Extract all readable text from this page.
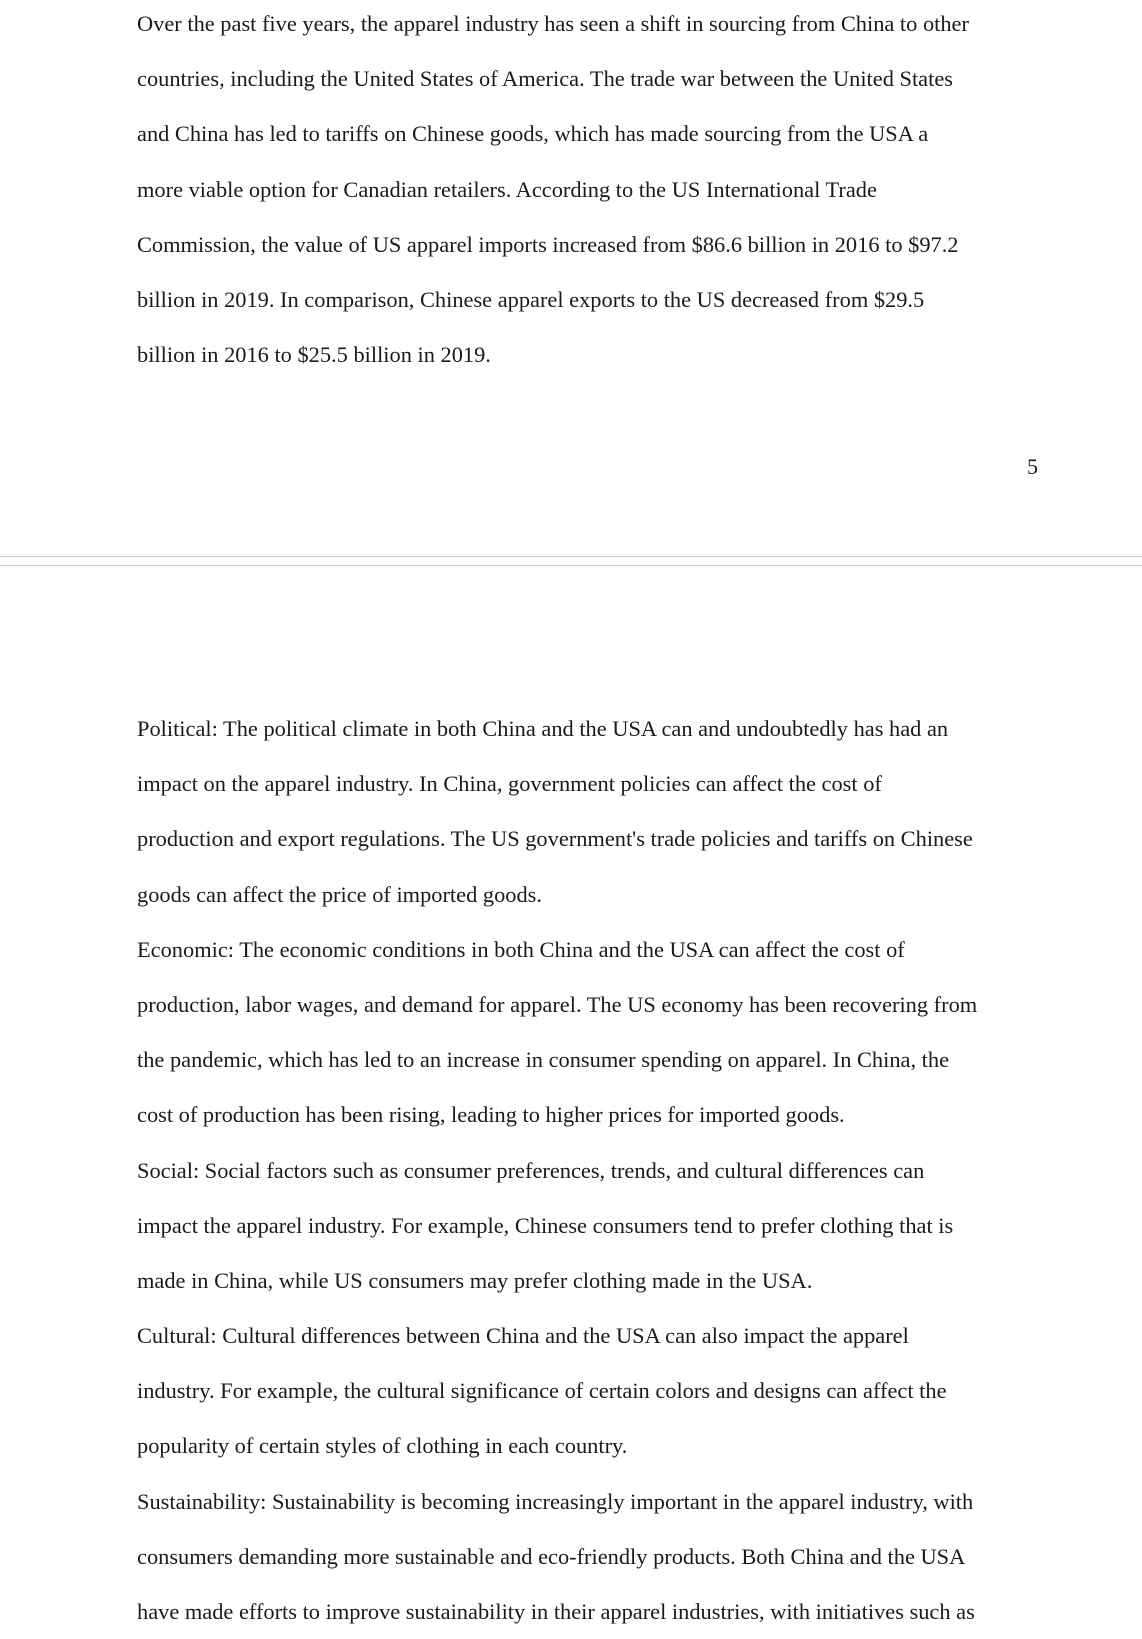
Over the past five years, the apparel industry has seen a shift in sourcing from China to other
countries, including the United States of America. The trade war between the United States
and China has led to tariffs on Chinese goods, which has made sourcing from the USA a
more viable option for Canadian retailers. According to the US International Trade
Commission, the value of US apparel imports increased from $86.6 billion in 2016 to $97.2
billion in 2019. In comparison, Chinese apparel exports to the US decreased from $29.5
billion in 2016 to $25.5 billion in 2019.

5

Political: The political climate in both China and the USA can and undoubtedly has had an
impact on the apparel industry. In China, government policies can affect the cost of
production and export regulations. The US government's trade policies and tariffs on Chinese
goods can affect the price of imported goods.
Economic: The economic conditions in both China and the USA can affect the cost of
production, labor wages, and demand for apparel. The US economy has been recovering from
the pandemic, which has led to an increase in consumer spending on apparel. In China, the
cost of production has been rising, leading to higher prices for imported goods.
Social: Social factors such as consumer preferences, trends, and cultural differences can
impact the apparel industry. For example, Chinese consumers tend to prefer clothing that is
made in China, while US consumers may prefer clothing made in the USA.
Cultural: Cultural differences between China and the USA can also impact the apparel
industry. For example, the cultural significance of certain colors and designs can affect the
popularity of certain styles of clothing in each country.
Sustainability: Sustainability is becoming increasingly important in the apparel industry, with
consumers demanding more sustainable and eco-friendly products. Both China and the USA
have made efforts to improve sustainability in their apparel industries, with initiatives such as
